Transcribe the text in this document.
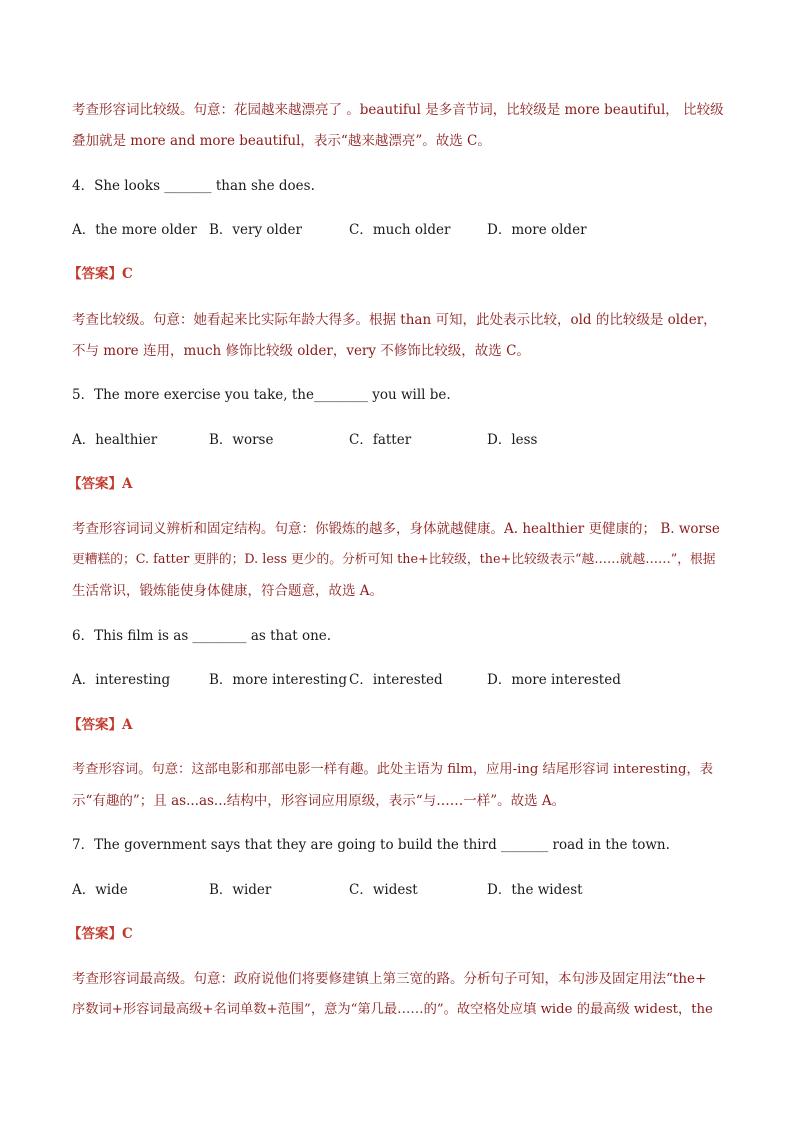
考查形容词比较级。句意：花园越来越漂亮了 。beautiful 是多音节词，比较级是 more beautiful， 比较级
叠加就是 more and more beautiful，表示“越来越漂亮”。故选 C。
4．She looks _______ than she does.
A．the more older B．very older	C．much older	D．more older
【答案】C
考查比较级。句意：她看起来比实际年龄大得多。根据 than 可知，此处表示比较，old 的比较级是 older，
不与 more 连用，much 修饰比较级 older，very 不修饰比较级，故选 C。
5．The more exercise you take, the________ you will be.
A．healthier	B．worse	C．fatter	D．less
【答案】A
考查形容词词义辨析和固定结构。句意：你锻炼的越多，身体就越健康。A. healthier 更健康的； B. worse
更糟糕的；C. fatter 更胖的；D. less 更少的。分析可知 the+比较级，the+比较级表示“越……就越……”，根据
生活常识，锻炼能使身体健康，符合题意，故选 A。
6．This film is as ________ as that one.
A．interesting	B．more interesting C．interested	D．more interested
【答案】A
考查形容词。句意：这部电影和那部电影一样有趣。此处主语为 film，应用-ing 结尾形容词 interesting，表
示“有趣的”；且 as...as...结构中，形容词应用原级，表示“与……一样”。故选 A。
7．The government says that they are going to build the third _______ road in the town.
A．wide	B．wider	C．widest	D．the widest
【答案】C
考查形容词最高级。句意：政府说他们将要修建镇上第三宽的路。分析句子可知，本句涉及固定用法“the+
序数词+形容词最高级+名词单数+范围”，意为“第几最……的”。故空格处应填 wide 的最高级 widest，the
